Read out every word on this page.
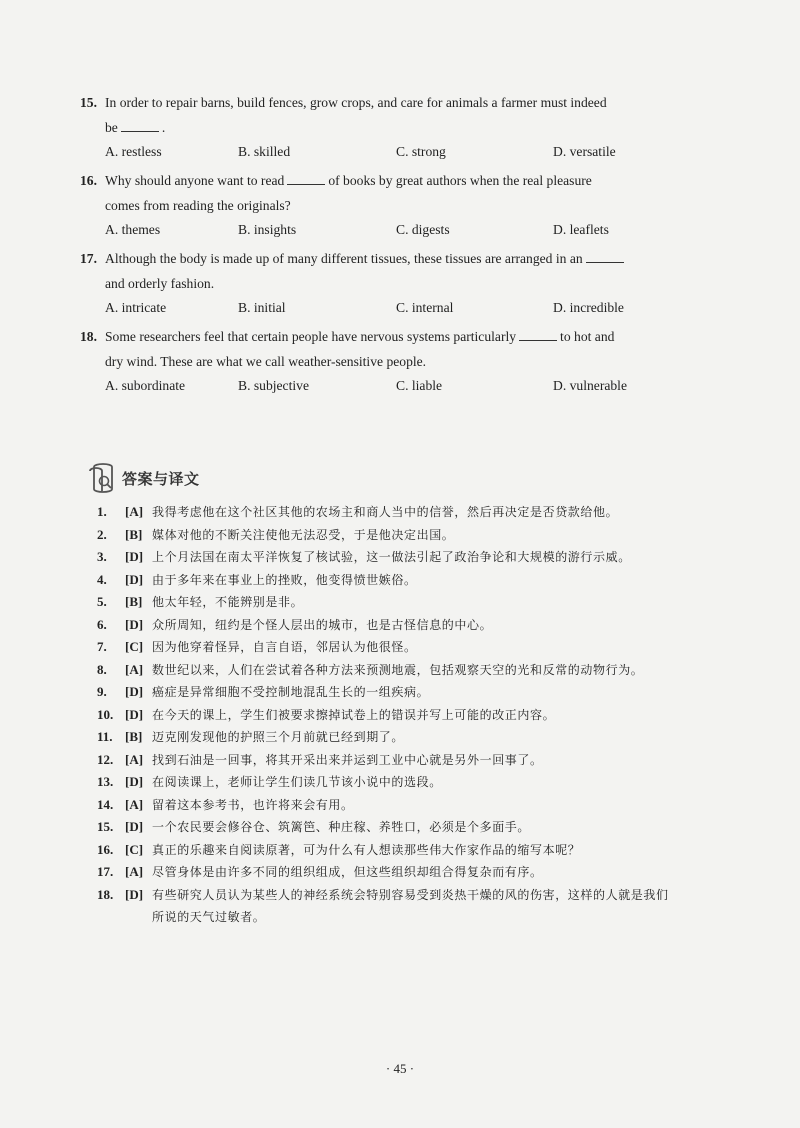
15. In order to repair barns, build fences, grow crops, and care for animals a farmer must indeed
be	.
A. restless	B. skilled	C. strong	D. versatile
16. Why should anyone want to read	of books by great authors when the real pleasure
comes from reading the originals?
A. themes	B. insights	C. digests	D. leaflets
17. Although the body is made up of many different tissues, these tissues are arranged in an
and orderly fashion.
A. intricate	B. initial	C. internal	D. incredible
18. Some researchers feel that certain people have nervous systems particularly	to hot and
dry wind. These are what we call weather-sensitive people.
A. subordinate	B. subjective	C. liable	D. vulnerable
答案与译文
1.	[A] 我得考虑他在这个社区其他的农场主和商人当中的信誉，然后再决定是否贷款给他。
2.	[B] 媒体对他的不断关注使他无法忍受，于是他决定出国。
3.	[D] 上个月法国在南太平洋恢复了核试验，这一做法引起了政治争论和大规模的游行示威。
4.	[D] 由于多年来在事业上的挫败，他变得愤世嫉俗。
5.	[B] 他太年轻，不能辨别是非。
6.	[D] 众所周知，纽约是个怪人层出的城市，也是古怪信息的中心。
7.	[C] 因为他穿着怪异，自言自语，邻居认为他很怪。
8.	[A] 数世纪以来，人们在尝试着各种方法来预测地震，包括观察天空的光和反常的动物行为。
9.	[D] 癌症是异常细胞不受控制地混乱生长的一组疾病。
10. [D] 在今天的课上，学生们被要求擦掉试卷上的错误并写上可能的改正内容。
11. [B] 迈克刚发现他的护照三个月前就已经到期了。
12. [A] 找到石油是一回事，将其开采出来并运到工业中心就是另外一回事了。
13. [D] 在阅读课上，老师让学生们读几节该小说中的选段。
14. [A] 留着这本参考书，也许将来会有用。
15. [D] 一个农民要会修谷仓、筑篱笆、种庄稼、养牲口，必须是个多面手。
16. [C] 真正的乐趣来自阅读原著，可为什么有人想读那些伟大作家作品的缩写本呢？
17. [A] 尽管身体是由许多不同的组织组成，但这些组织却组合得复杂而有序。
18. [D] 有些研究人员认为某些人的神经系统会特别容易受到炎热干燥的风的伤害，这样的人就是我们
所说的天气过敏者。
· 45 ·
